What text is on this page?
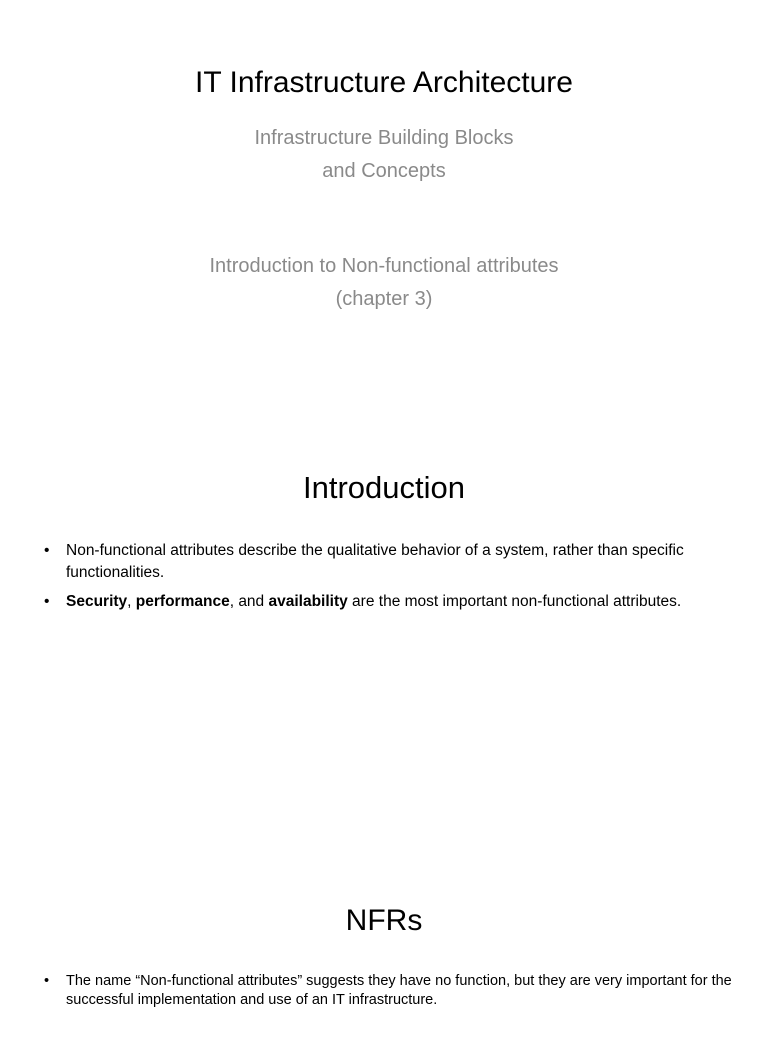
IT Infrastructure Architecture
Infrastructure Building Blocks
and Concepts
Introduction to Non-functional attributes
(chapter 3)
Introduction
• Non-functional attributes describe the qualitative behavior of a system, rather than specific functionalities.
• Security, performance, and availability are the most important non-functional attributes.
NFRs
• The name “Non-functional attributes” suggests they have no function, but they are very important for the successful implementation and use of an IT infrastructure.
